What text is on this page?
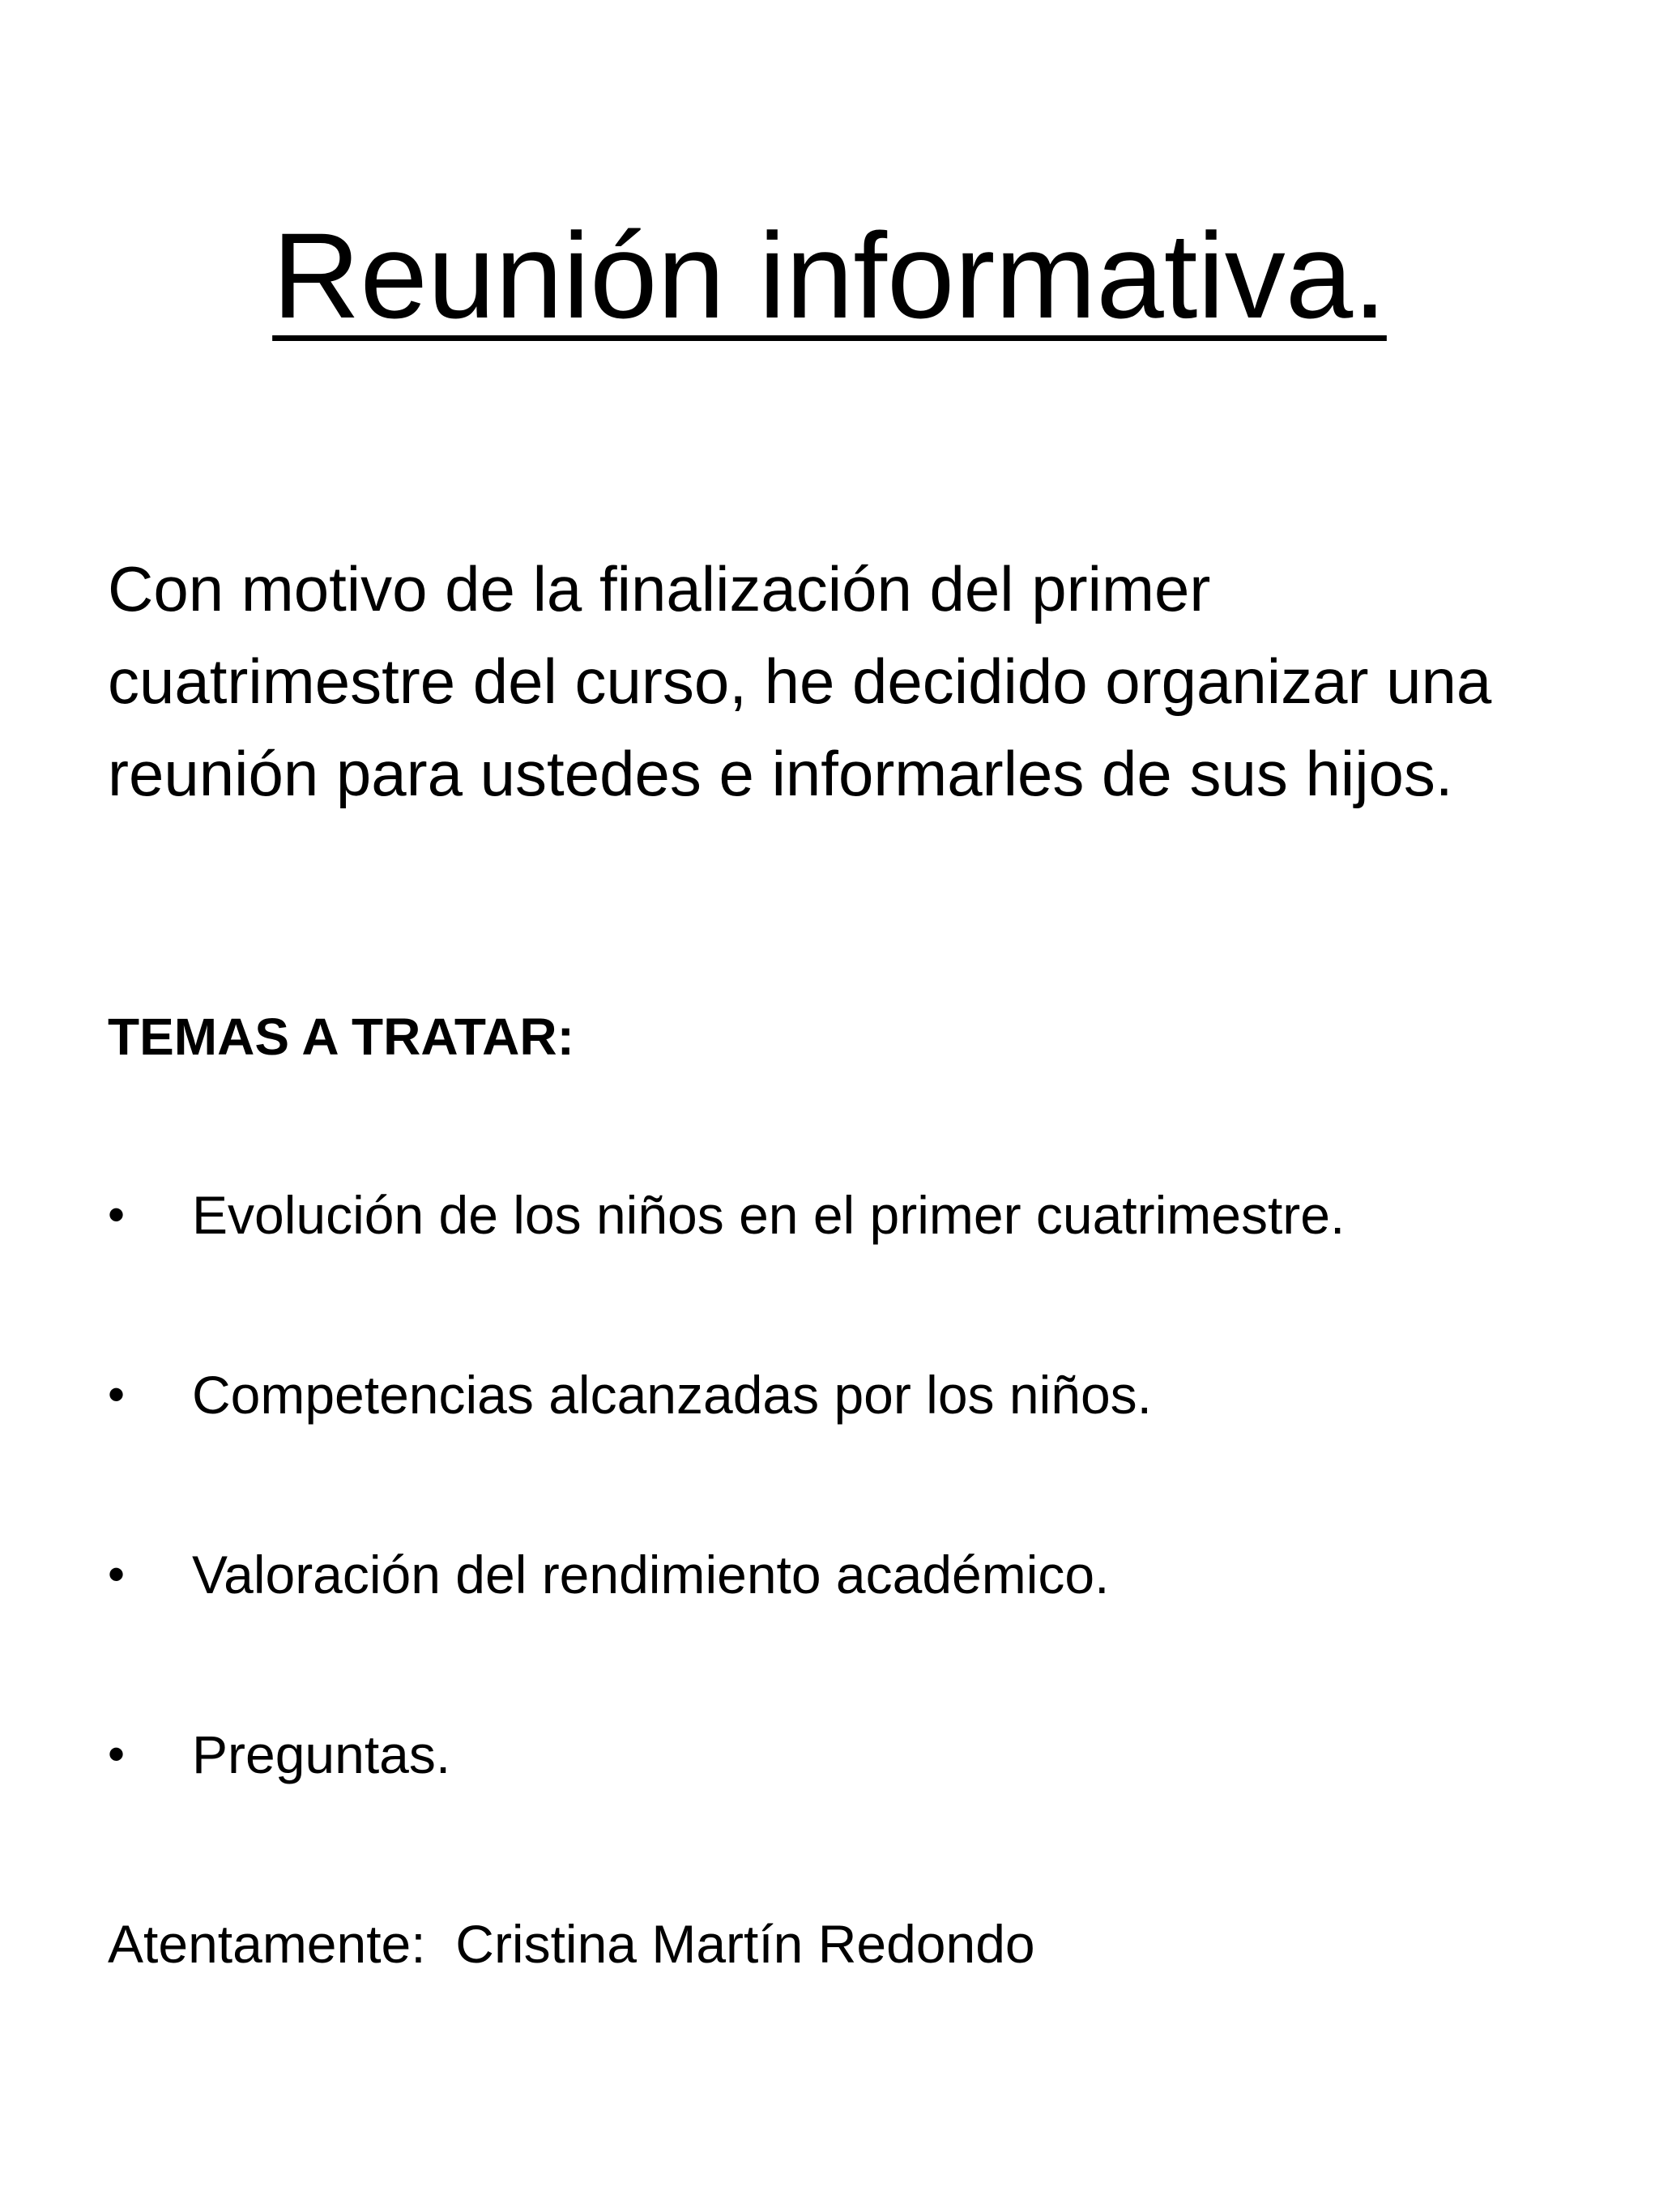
Reunión informativa.

Con motivo de la finalización del primer cuatrimestre del curso, he decidido organizar una reunión para ustedes e informarles de sus hijos.

TEMAS A TRATAR:

• Evolución de los niños en el primer cuatrimestre.
• Competencias alcanzadas por los niños.
• Valoración del rendimiento académico.
• Preguntas.

Atentamente: Cristina Martín Redondo
